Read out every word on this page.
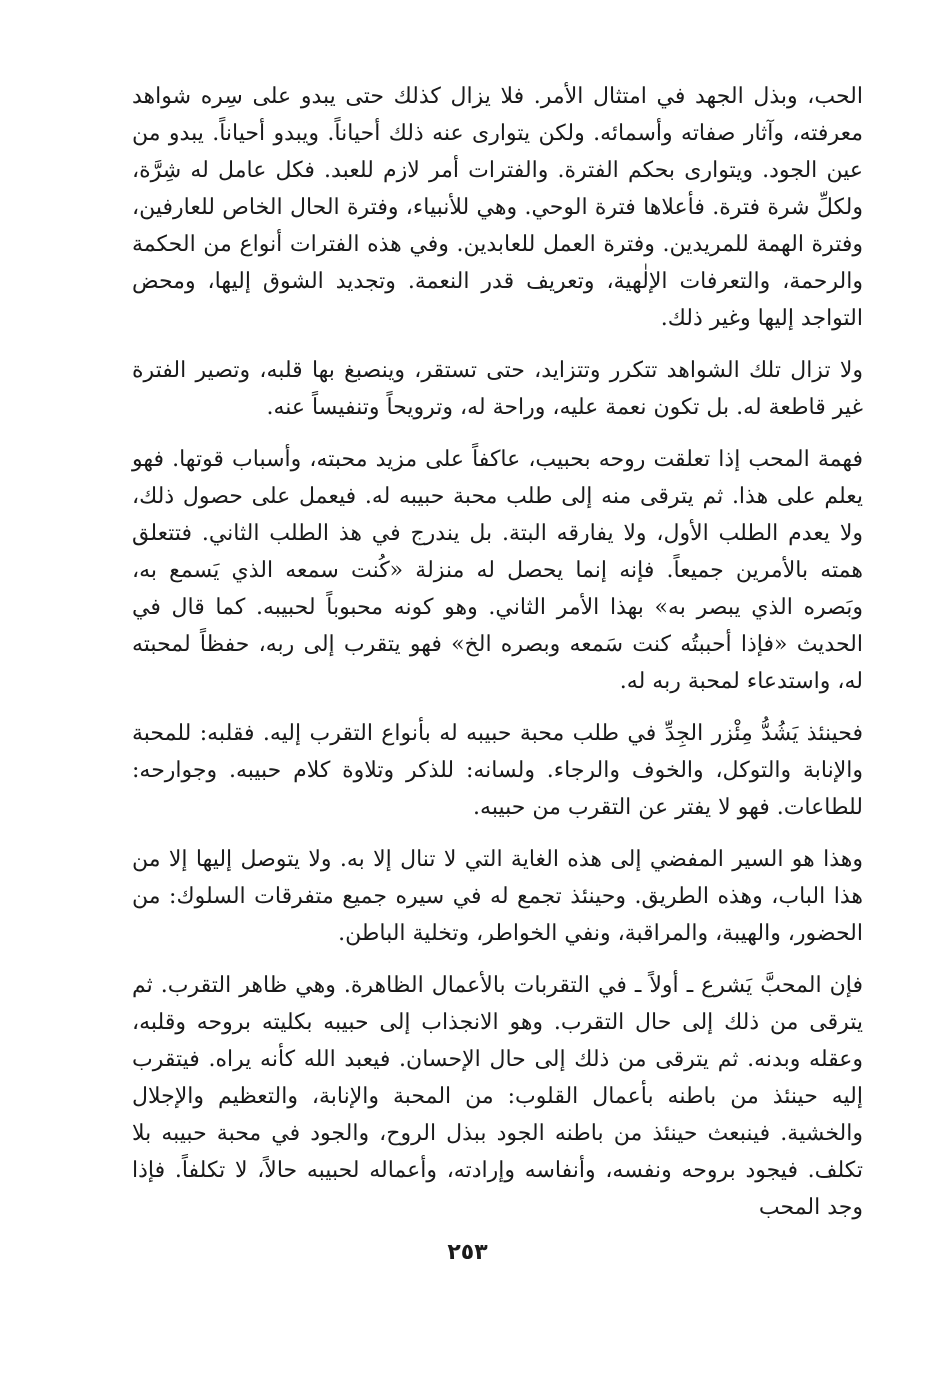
الحب، وبذل الجهد في امتثال الأمر. فلا يزال كذلك حتى يبدو على سِره شواهد معرفته، وآثار صفاته وأسمائه. ولكن يتوارى عنه ذلك أحياناً. ويبدو أحياناً. يبدو من عين الجود. ويتوارى بحكم الفترة. والفترات أمر لازم للعبد. فكل عامل له شِرَّة، ولكلِّ شرة فترة. فأعلاها فترة الوحي. وهي للأنبياء، وفترة الحال الخاص للعارفين، وفترة الهمة للمريدين. وفترة العمل للعابدين. وفي هذه الفترات أنواع من الحكمة والرحمة، والتعرفات الإلٰهية، وتعريف قدر النعمة. وتجديد الشوق إليها، ومحض التواجد إليها وغير ذلك.

ولا تزال تلك الشواهد تتكرر وتتزايد، حتى تستقر، وينصبغ بها قلبه، وتصير الفترة غير قاطعة له. بل تكون نعمة عليه، وراحة له، وترويحاً وتنفيساً عنه.

فهمة المحب إذا تعلقت روحه بحبيب، عاكفاً على مزيد محبته، وأسباب قوتها. فهو يعلم على هذا. ثم يترقى منه إلى طلب محبة حبيبه له. فيعمل على حصول ذلك، ولا يعدم الطلب الأول، ولا يفارقه البتة. بل يندرج في هذ الطلب الثاني. فتتعلق همته بالأمرين جميعاً. فإنه إنما يحصل له منزلة «كُنت سمعه الذي يَسمع به، وبَصره الذي يبصر به» بهذا الأمر الثاني. وهو كونه محبوباً لحبيبه. كما قال في الحديث «فإذا أحببتُه كنت سَمعه وبصره الخ» فهو يتقرب إلى ربه، حفظاً لمحبته له، واستدعاء لمحبة ربه له.

فحينئذ يَشُدُّ مِئْزر الجِدِّ في طلب محبة حبيبه له بأنواع التقرب إليه. فقلبه: للمحبة والإنابة والتوكل، والخوف والرجاء. ولسانه: للذكر وتلاوة كلام حبيبه. وجوارحه: للطاعات. فهو لا يفتر عن التقرب من حبيبه.

وهذا هو السير المفضي إلى هذه الغاية التي لا تنال إلا به. ولا يتوصل إليها إلا من هذا الباب، وهذه الطريق. وحينئذ تجمع له في سيره جميع متفرقات السلوك: من الحضور، والهيبة، والمراقبة، ونفي الخواطر، وتخلية الباطن.

فإن المحبَّ يَشرع ـ أولاً ـ في التقربات بالأعمال الظاهرة. وهي ظاهر التقرب. ثم يترقى من ذلك إلى حال التقرب. وهو الانجذاب إلى حبيبه بكليته بروحه وقلبه، وعقله وبدنه. ثم يترقى من ذلك إلى حال الإحسان. فيعبد الله كأنه يراه. فيتقرب إليه حينئذ من باطنه بأعمال القلوب: من المحبة والإنابة، والتعظيم والإجلال والخشية. فينبعث حينئذ من باطنه الجود ببذل الروح، والجود في محبة حبيبه بلا تكلف. فيجود بروحه ونفسه، وأنفاسه وإرادته، وأعماله لحبيبه حالاً، لا تكلفاً. فإذا وجد المحب

٢٥٣
